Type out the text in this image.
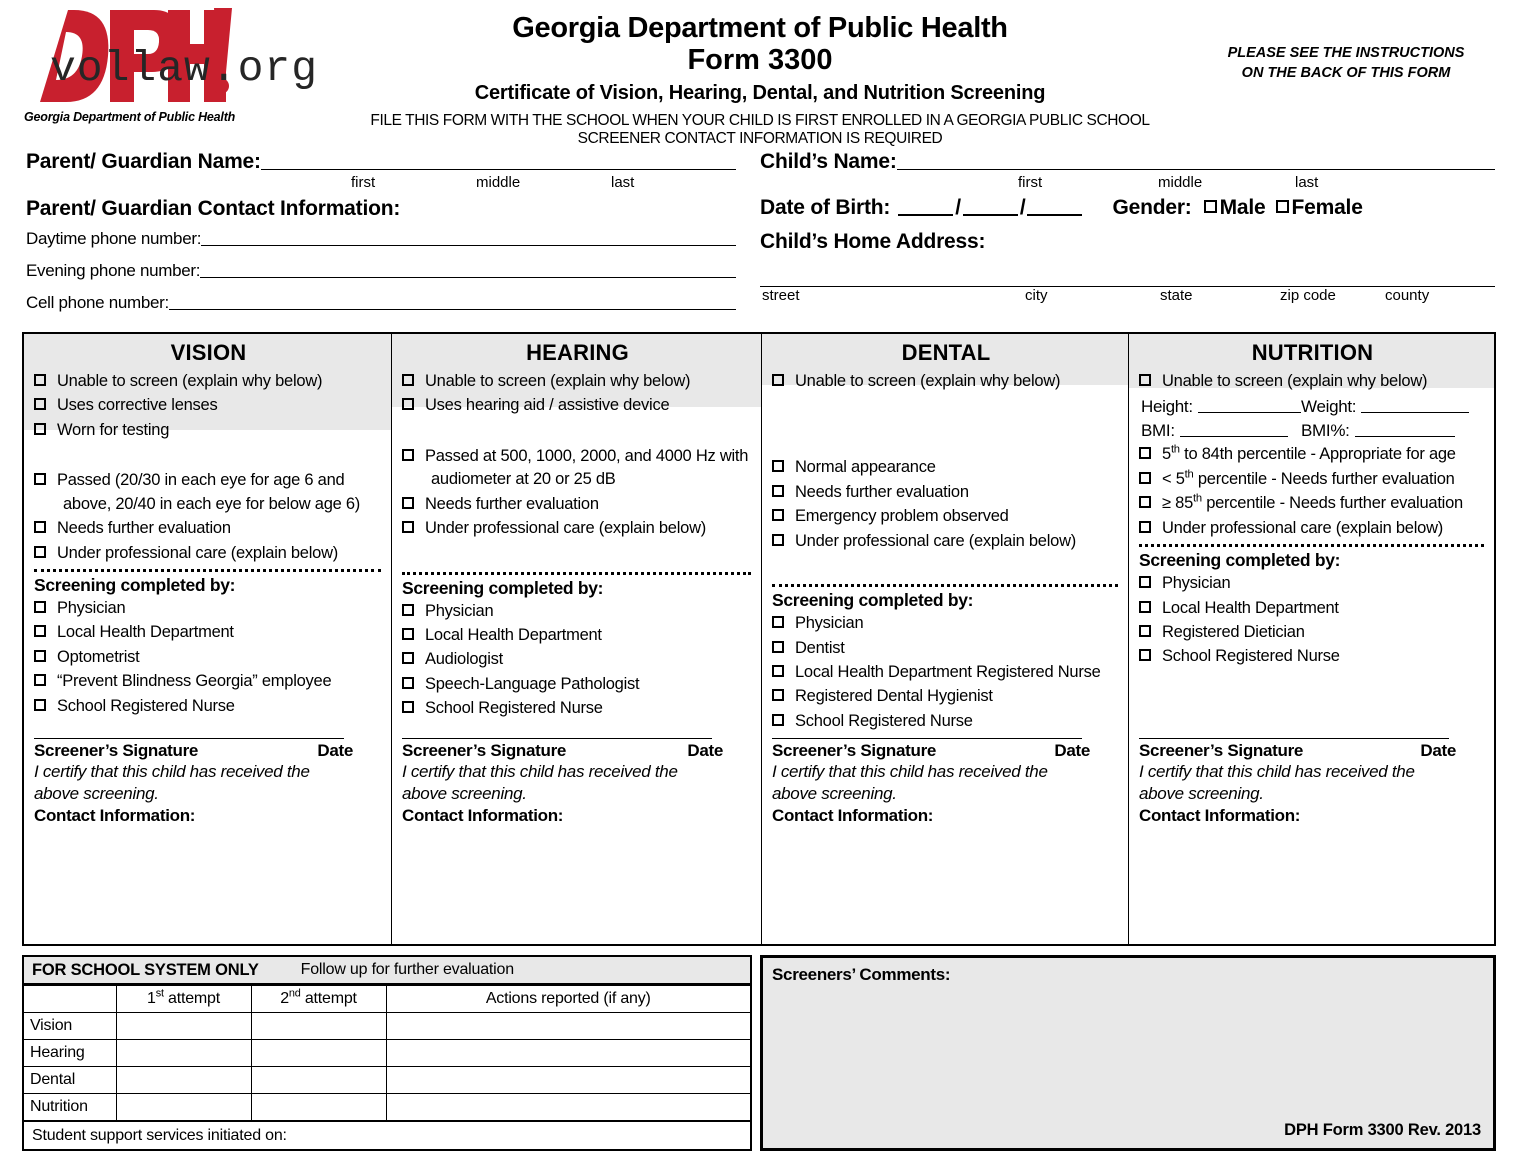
vollaw.org
Georgia Department of Public Health
Georgia Department of Public Health
Form 3300
Certificate of Vision, Hearing, Dental, and Nutrition Screening
FILE THIS FORM WITH THE SCHOOL WHEN YOUR CHILD IS FIRST ENROLLED IN A GEORGIA PUBLIC SCHOOL
SCREENER CONTACT INFORMATION IS REQUIRED
PLEASE SEE THE INSTRUCTIONS
ON THE BACK OF THIS FORM
Parent/ Guardian Name:
first	middle	last
Parent/ Guardian Contact Information:
Daytime phone number:
Evening phone number:
Cell phone number:
Child’s Name:
first	middle	last
Date of Birth:	/	/	Gender:	Male	Female
Child’s Home Address:
street	city	state	zip code	county
VISION
Unable to screen (explain why below)
Uses corrective lenses
Worn for testing
Passed (20/30 in each eye for age 6 and
above, 20/40 in each eye for below age 6)
Needs further evaluation
Under professional care (explain below)
Screening completed by:
Physician
Local Health Department
Optometrist
“Prevent Blindness Georgia” employee
School Registered Nurse
Screener’s Signature	Date
I certify that this child has received the
above screening.
Contact Information:
HEARING
Unable to screen (explain why below)
Uses hearing aid / assistive device
Passed at 500, 1000, 2000, and 4000 Hz with
audiometer at 20 or 25 dB
Needs further evaluation
Under professional care (explain below)
Screening completed by:
Physician
Local Health Department
Audiologist
Speech-Language Pathologist
School Registered Nurse
Screener’s Signature	Date
I certify that this child has received the
above screening.
Contact Information:
DENTAL
Unable to screen (explain why below)
Normal appearance
Needs further evaluation
Emergency problem observed
Under professional care (explain below)
Screening completed by:
Physician
Dentist
Local Health Department Registered Nurse
Registered Dental Hygienist
School Registered Nurse
Screener’s Signature	Date
I certify that this child has received the
above screening.
Contact Information:
NUTRITION
Unable to screen (explain why below)
Height:	Weight:
BMI:	BMI%:
5th to 84th percentile - Appropriate for age
< 5th percentile - Needs further evaluation
≥ 85th percentile - Needs further evaluation
Under professional care (explain below)
Screening completed by:
Physician
Local Health Department
Registered Dietician
School Registered Nurse
Screener’s Signature	Date
I certify that this child has received the
above screening.
Contact Information:
FOR SCHOOL SYSTEM ONLY	Follow up for further evaluation
	1st attempt	2nd attempt	Actions reported (if any)
Vision			
Hearing			
Dental			
Nutrition			
Student support services initiated on:
Screeners’ Comments:
DPH Form 3300 Rev. 2013
